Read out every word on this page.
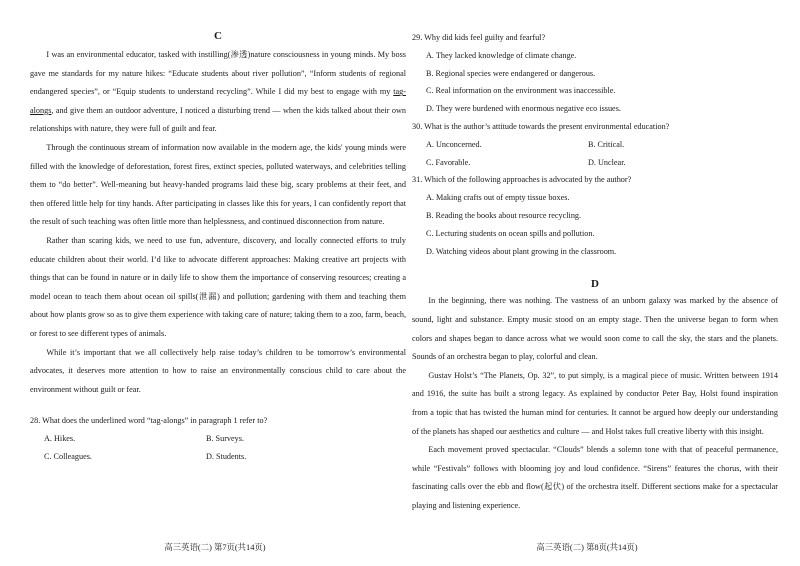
C

I was an environmental educator, tasked with instilling(渗透)nature consciousness in young minds. My boss gave me standards for my nature hikes: “Educate students about river pollution”, “Inform students of regional endangered species”, or “Equip students to understand recycling”. While I did my best to engage with my tag-alongs, and give them an outdoor adventure, I noticed a disturbing trend — when the kids talked about their own relationships with nature, they were full of guilt and fear.

Through the continuous stream of information now available in the modern age, the kids' young minds were filled with the knowledge of deforestation, forest fires, extinct species, polluted waterways, and celebrities telling them to “do better”. Well-meaning but heavy-handed programs laid these big, scary problems at their feet, and then offered little help for tiny hands. After participating in classes like this for years, I can confidently report that the result of such teaching was often little more than helplessness, and continued disconnection from nature.

Rather than scaring kids, we need to use fun, adventure, discovery, and locally connected efforts to truly educate children about their world. I’d like to advocate different approaches: Making creative art projects with things that can be found in nature or in daily life to show them the importance of conserving resources; creating a model ocean to teach them about ocean oil spills(泄漏) and pollution; gardening with them and teaching them about how plants grow so as to give them experience with taking care of nature; taking them to a zoo, farm, beach, or forest to see different types of animals.

While it’s important that we all collectively help raise today’s children to be tomorrow’s environmental advocates, it deserves more attention to how to raise an environmentally conscious child to care about the environment without guilt or fear.

28. What does the underlined word “tag-alongs” in paragraph 1 refer to?

A. Hikes.	B. Surveys.
C. Colleagues.	D. Students.

29. Why did kids feel guilty and fearful?

A. They lacked knowledge of climate change.
B. Regional species were endangered or dangerous.
C. Real information on the environment was inaccessible.
D. They were burdened with enormous negative eco issues.

30. What is the author’s attitude towards the present environmental education?

A. Unconcerned.	B. Critical.
C. Favorable.	D. Unclear.

31. Which of the following approaches is advocated by the author?

A. Making crafts out of empty tissue boxes.
B. Reading the books about resource recycling.
C. Lecturing students on ocean spills and pollution.
D. Watching videos about plant growing in the classroom.
D

In the beginning, there was nothing. The vastness of an unborn galaxy was marked by the absence of sound, light and substance. Empty music stood on an empty stage. Then the universe began to form when colors and shapes began to dance across what we would soon come to call the sky, the stars and the planets. Sounds of an orchestra began to play, colorful and clean.

Gustav Holst’s “The Planets, Op. 32”, to put simply, is a magical piece of music. Written between 1914 and 1916, the suite has built a strong legacy. As explained by conductor Peter Bay, Holst found inspiration from a topic that has twisted the human mind for centuries. It cannot be argued how deeply our understanding of the planets has shaped our aesthetics and culture — and Holst takes full creative liberty with this insight.

Each movement proved spectacular. “Clouds” blends a solemn tone with that of peaceful permanence, while “Festivals” follows with blooming joy and loud confidence. “Sirens” features the chorus, with their fascinating calls over the ebb and flow(起伏) of the orchestra itself. Different sections make for a spectacular playing and listening experience.

高三英语(二) 第7页(共14页)	高三英语(二) 第8页(共14页)
